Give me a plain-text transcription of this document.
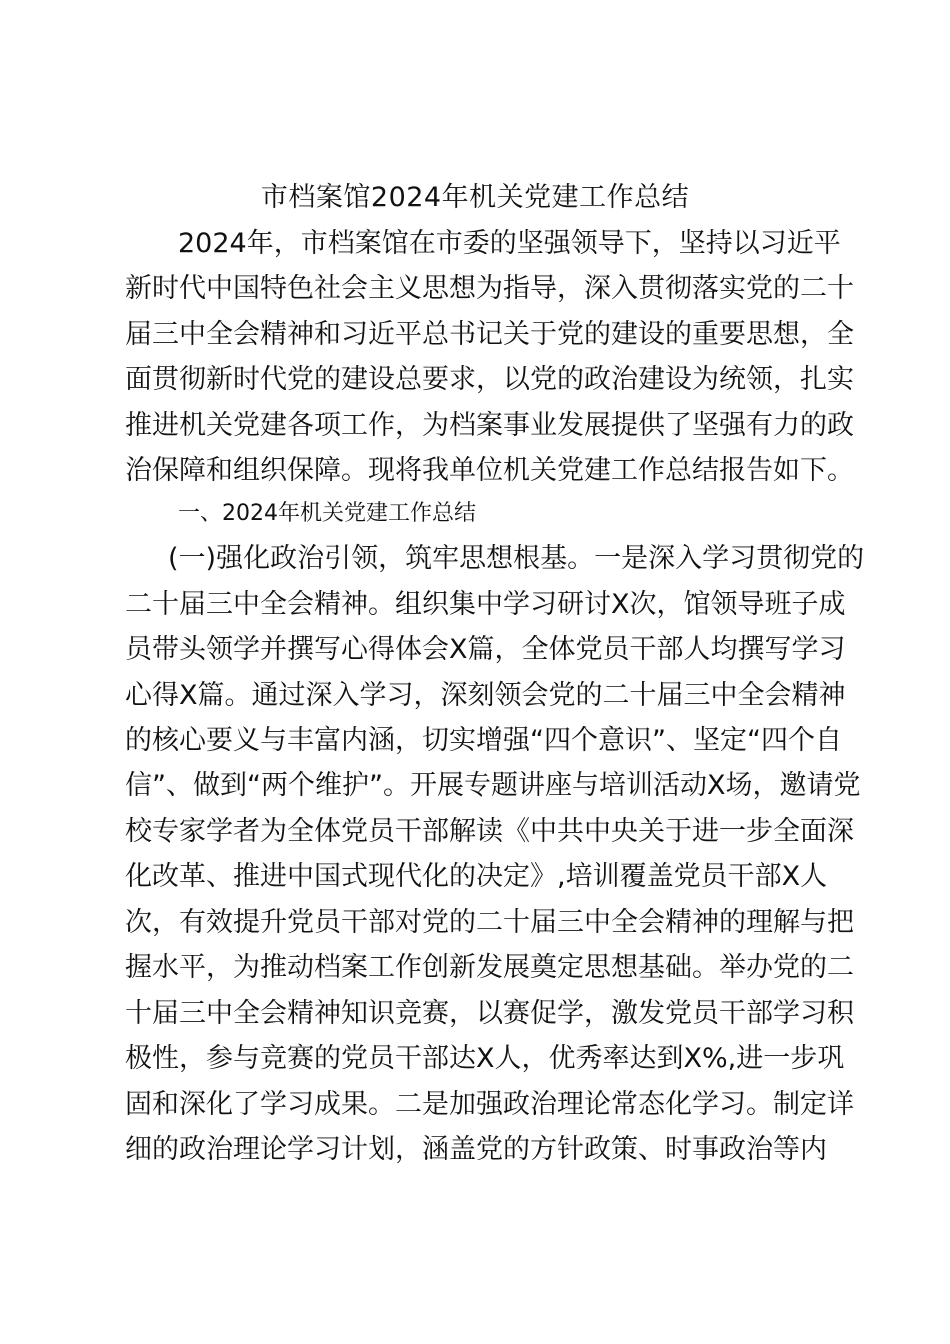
市档案馆2024年机关党建工作总结
2024年，市档案馆在市委的坚强领导下，坚持以习近平
新时代中国特色社会主义思想为指导，深入贯彻落实党的二十
届三中全会精神和习近平总书记关于党的建设的重要思想，全
面贯彻新时代党的建设总要求，以党的政治建设为统领，扎实
推进机关党建各项工作，为档案事业发展提供了坚强有力的政
治保障和组织保障。现将我单位机关党建工作总结报告如下。
一、2024年机关党建工作总结
(一)强化政治引领，筑牢思想根基。一是深入学习贯彻党的
二十届三中全会精神。组织集中学习研讨X次，馆领导班子成
员带头领学并撰写心得体会X篇，全体党员干部人均撰写学习
心得X篇。通过深入学习，深刻领会党的二十届三中全会精神
的核心要义与丰富内涵，切实增强“四个意识”、坚定“四个自
信”、做到“两个维护”。开展专题讲座与培训活动X场，邀请党
校专家学者为全体党员干部解读《中共中央关于进一步全面深
化改革、推进中国式现代化的决定》,培训覆盖党员干部X人
次，有效提升党员干部对党的二十届三中全会精神的理解与把
握水平，为推动档案工作创新发展奠定思想基础。举办党的二
十届三中全会精神知识竞赛，以赛促学，激发党员干部学习积
极性，参与竞赛的党员干部达X人，优秀率达到X%,进一步巩
固和深化了学习成果。二是加强政治理论常态化学习。制定详
细的政治理论学习计划，涵盖党的方针政策、时事政治等内
